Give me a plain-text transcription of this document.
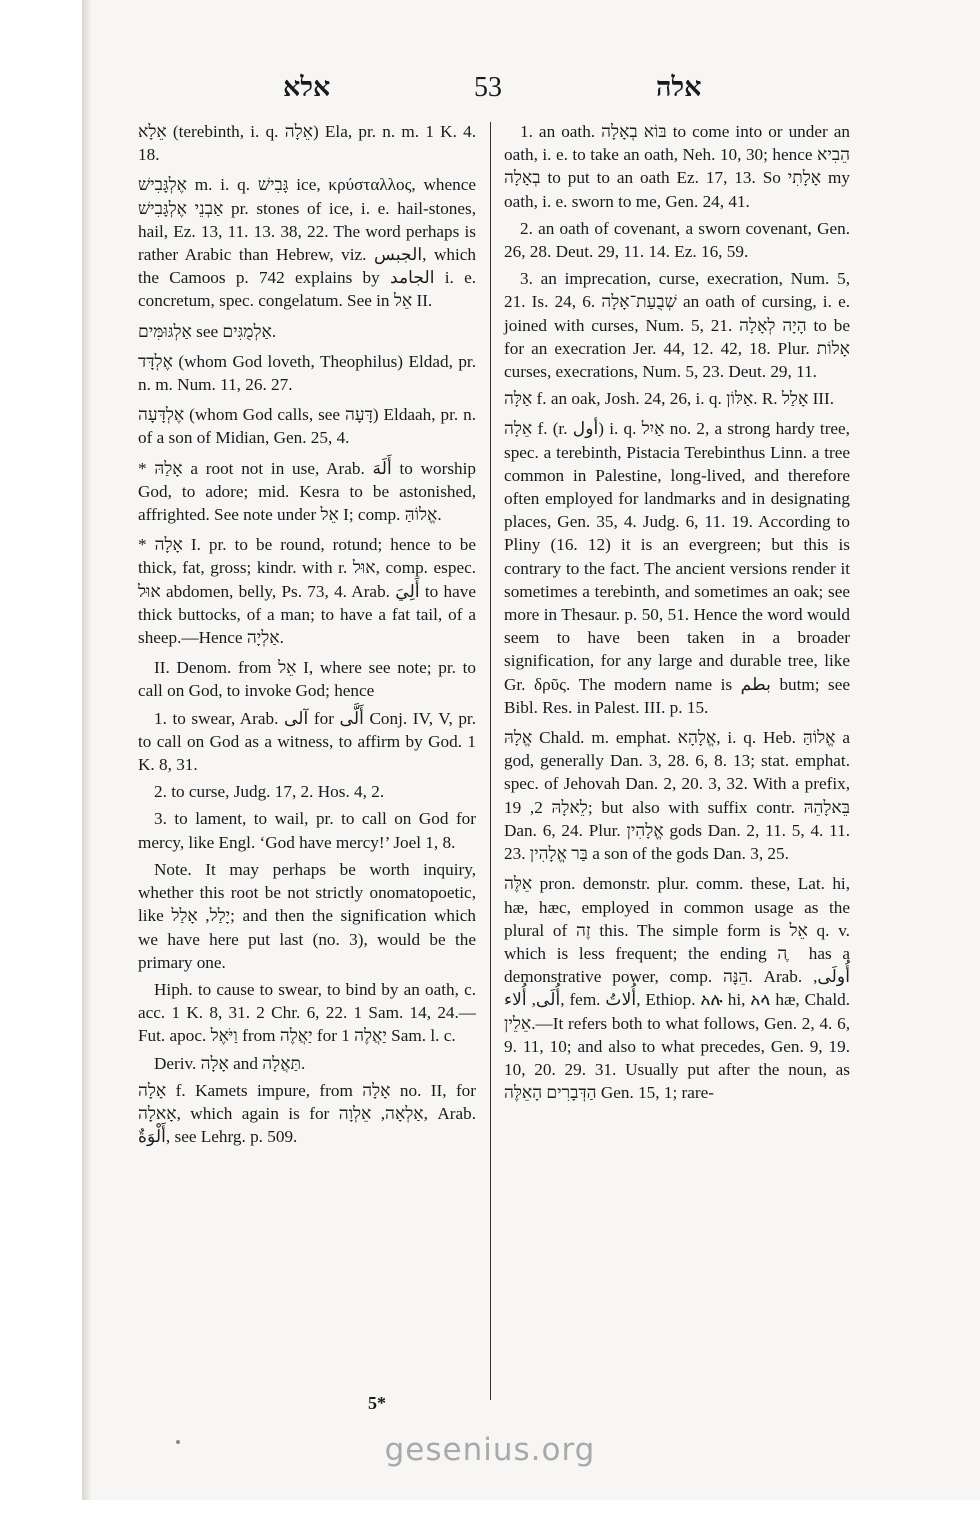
אלא	53	אלה

אֵלָא (terebinth, i. q. אֵלָה) Ela, pr. n. m. 1 K. 4. 18.

אֶלְגָּבִישׁ m. i. q. גָּבִישׁ ice, κρύσταλλος, whence אַבְנֵי אֶלְגָּבִישׁ pr. stones of ice, i. e. hail-stones, hail, Ez. 13, 11. 13. 38, 22. The word perhaps is rather Arabic than Hebrew, viz. الجبس, which the Camoos p. 742 explains by الجامد i. e. concretum, spec. congelatum. See in אֵל II.

אַלְגּוּמִּים see אַלְמֻגִּים.

אֶלְדָּד (whom God loveth, Theophilus) Eldad, pr. n. m. Num. 11, 26. 27.

אֶלְדָּעָה (whom God calls, see דָּעָה) Eldaah, pr. n. of a son of Midian, Gen. 25, 4.

* אָלַהּ a root not in use, Arab. أَلَهَ to worship God, to adore; mid. Kesra to be astonished, affrighted. See note under אֵל I; comp. אֱלוֹהַּ.

* אָלָה I. pr. to be round, rotund; hence to be thick, fat, gross; kindr. with r. אוּל, comp. espec. אוּל abdomen, belly, Ps. 73, 4. Arab. أَلِيَ to have thick buttocks, of a man; to have a fat tail, of a sheep.—Hence אַלְיָה.

II. Denom. from אֵל I, where see note; pr. to call on God, to invoke God; hence

1. to swear, Arab. آلى for أَلَّى Conj. IV, V, pr. to call on God as a witness, to affirm by God. 1 K. 8, 31.

2. to curse, Judg. 17, 2. Hos. 4, 2.

3. to lament, to wail, pr. to call on God for mercy, like Engl. ‘God have mercy!’ Joel 1, 8.

Note. It may perhaps be worth inquiry, whether this root be not strictly onomatopoetic, like יָלַל, אָלַל; and then the signification which we have here put last (no. 3), would be the primary one.

Hiph. to cause to swear, to bind by an oath, c. acc. 1 K. 8, 31. 2 Chr. 6, 22. 1 Sam. 14, 24.—Fut. apoc. וַיֹּאֶל from יַאֲלֶה for יַאֲלֶה 1 Sam. l. c.

Deriv. אָלָה and תַּאֲלָה.

אָלָה f. Kamets impure, from אָלָה no. II, for אָאלָה, which again is for אַלְאָה, אֵלְוָה, Arab. أَلْوَةٌ, see Lehrg. p. 509.

1. an oath. בּוֹא בְאָלָה to come into or under an oath, i. e. to take an oath, Neh. 10, 30; hence הֵבִיא בְאָלָה to put to an oath Ez. 17, 13. So אָלָתִי my oath, i. e. sworn to me, Gen. 24, 41.

2. an oath of covenant, a sworn covenant, Gen. 26, 28. Deut. 29, 11. 14. Ez. 16, 59.

3. an imprecation, curse, execration, Num. 5, 21. Is. 24, 6. שְׁבֻעַת־אָלָה an oath of cursing, i. e. joined with curses, Num. 5, 21. הָיָה לְאָלָה to be for an execration Jer. 44, 12. 42, 18. Plur. אָלוֹת curses, execrations, Num. 5, 23. Deut. 29, 11.

אַלָּה f. an oak, Josh. 24, 26, i. q. אַלּוֹן. R. אָלַל III.

אֵלָה f. (r. أول) i. q. אַיִל no. 2, a strong hardy tree, spec. a terebinth, Pistacia Terebinthus Linn. a tree common in Palestine, long-lived, and therefore often employed for landmarks and in designating places, Gen. 35, 4. Judg. 6, 11. 19. According to Pliny (16. 12) it is an evergreen; but this is contrary to the fact. The ancient versions render it sometimes a terebinth, and sometimes an oak; see more in Thesaur. p. 50, 51. Hence the word would seem to have been taken in a broader signification, for any large and durable tree, like Gr. δρῦς. The modern name is بطم butm; see Bibl. Res. in Palest. III. p. 15.

אֱלָהּ Chald. m. emphat. אֱלָהָא, i. q. Heb. אֱלוֹהַּ a god, generally Dan. 3, 28. 6, 8. 13; stat. emphat. spec. of Jehovah Dan. 2, 20. 3, 32. With a prefix, לֵאלָהּ 2, 19; but also with suffix contr. בֵּאלָהֵהּ Dan. 6, 24. Plur. אֱלָהִין gods Dan. 2, 11. 5, 4. 11. 23. בַּר אֱלָהִין a son of the gods Dan. 3, 25.

אֵלֶּה pron. demonstr. plur. comm. these, Lat. hi, hæ, hæc, employed in common usage as the plural of זֶה this. The simple form is אֵל q. v. which is less frequent; the ending ה ֶ has a demonstrative power, comp. הֵנָּה. Arab. أُولَى, أُلَى, أُلاء, fem. أُلاتُ, Ethiop. አሉ hi, አላ hæ, Chald. אֵלֵין.—It refers both to what follows, Gen. 2, 4. 6, 9. 11, 10; and also to what precedes, Gen. 9, 19. 10, 20. 29. 31. Usually put after the noun, as הַדְּבָרִים הָאֵלֶּה Gen. 15, 1; rare-

5*
gesenius.org
